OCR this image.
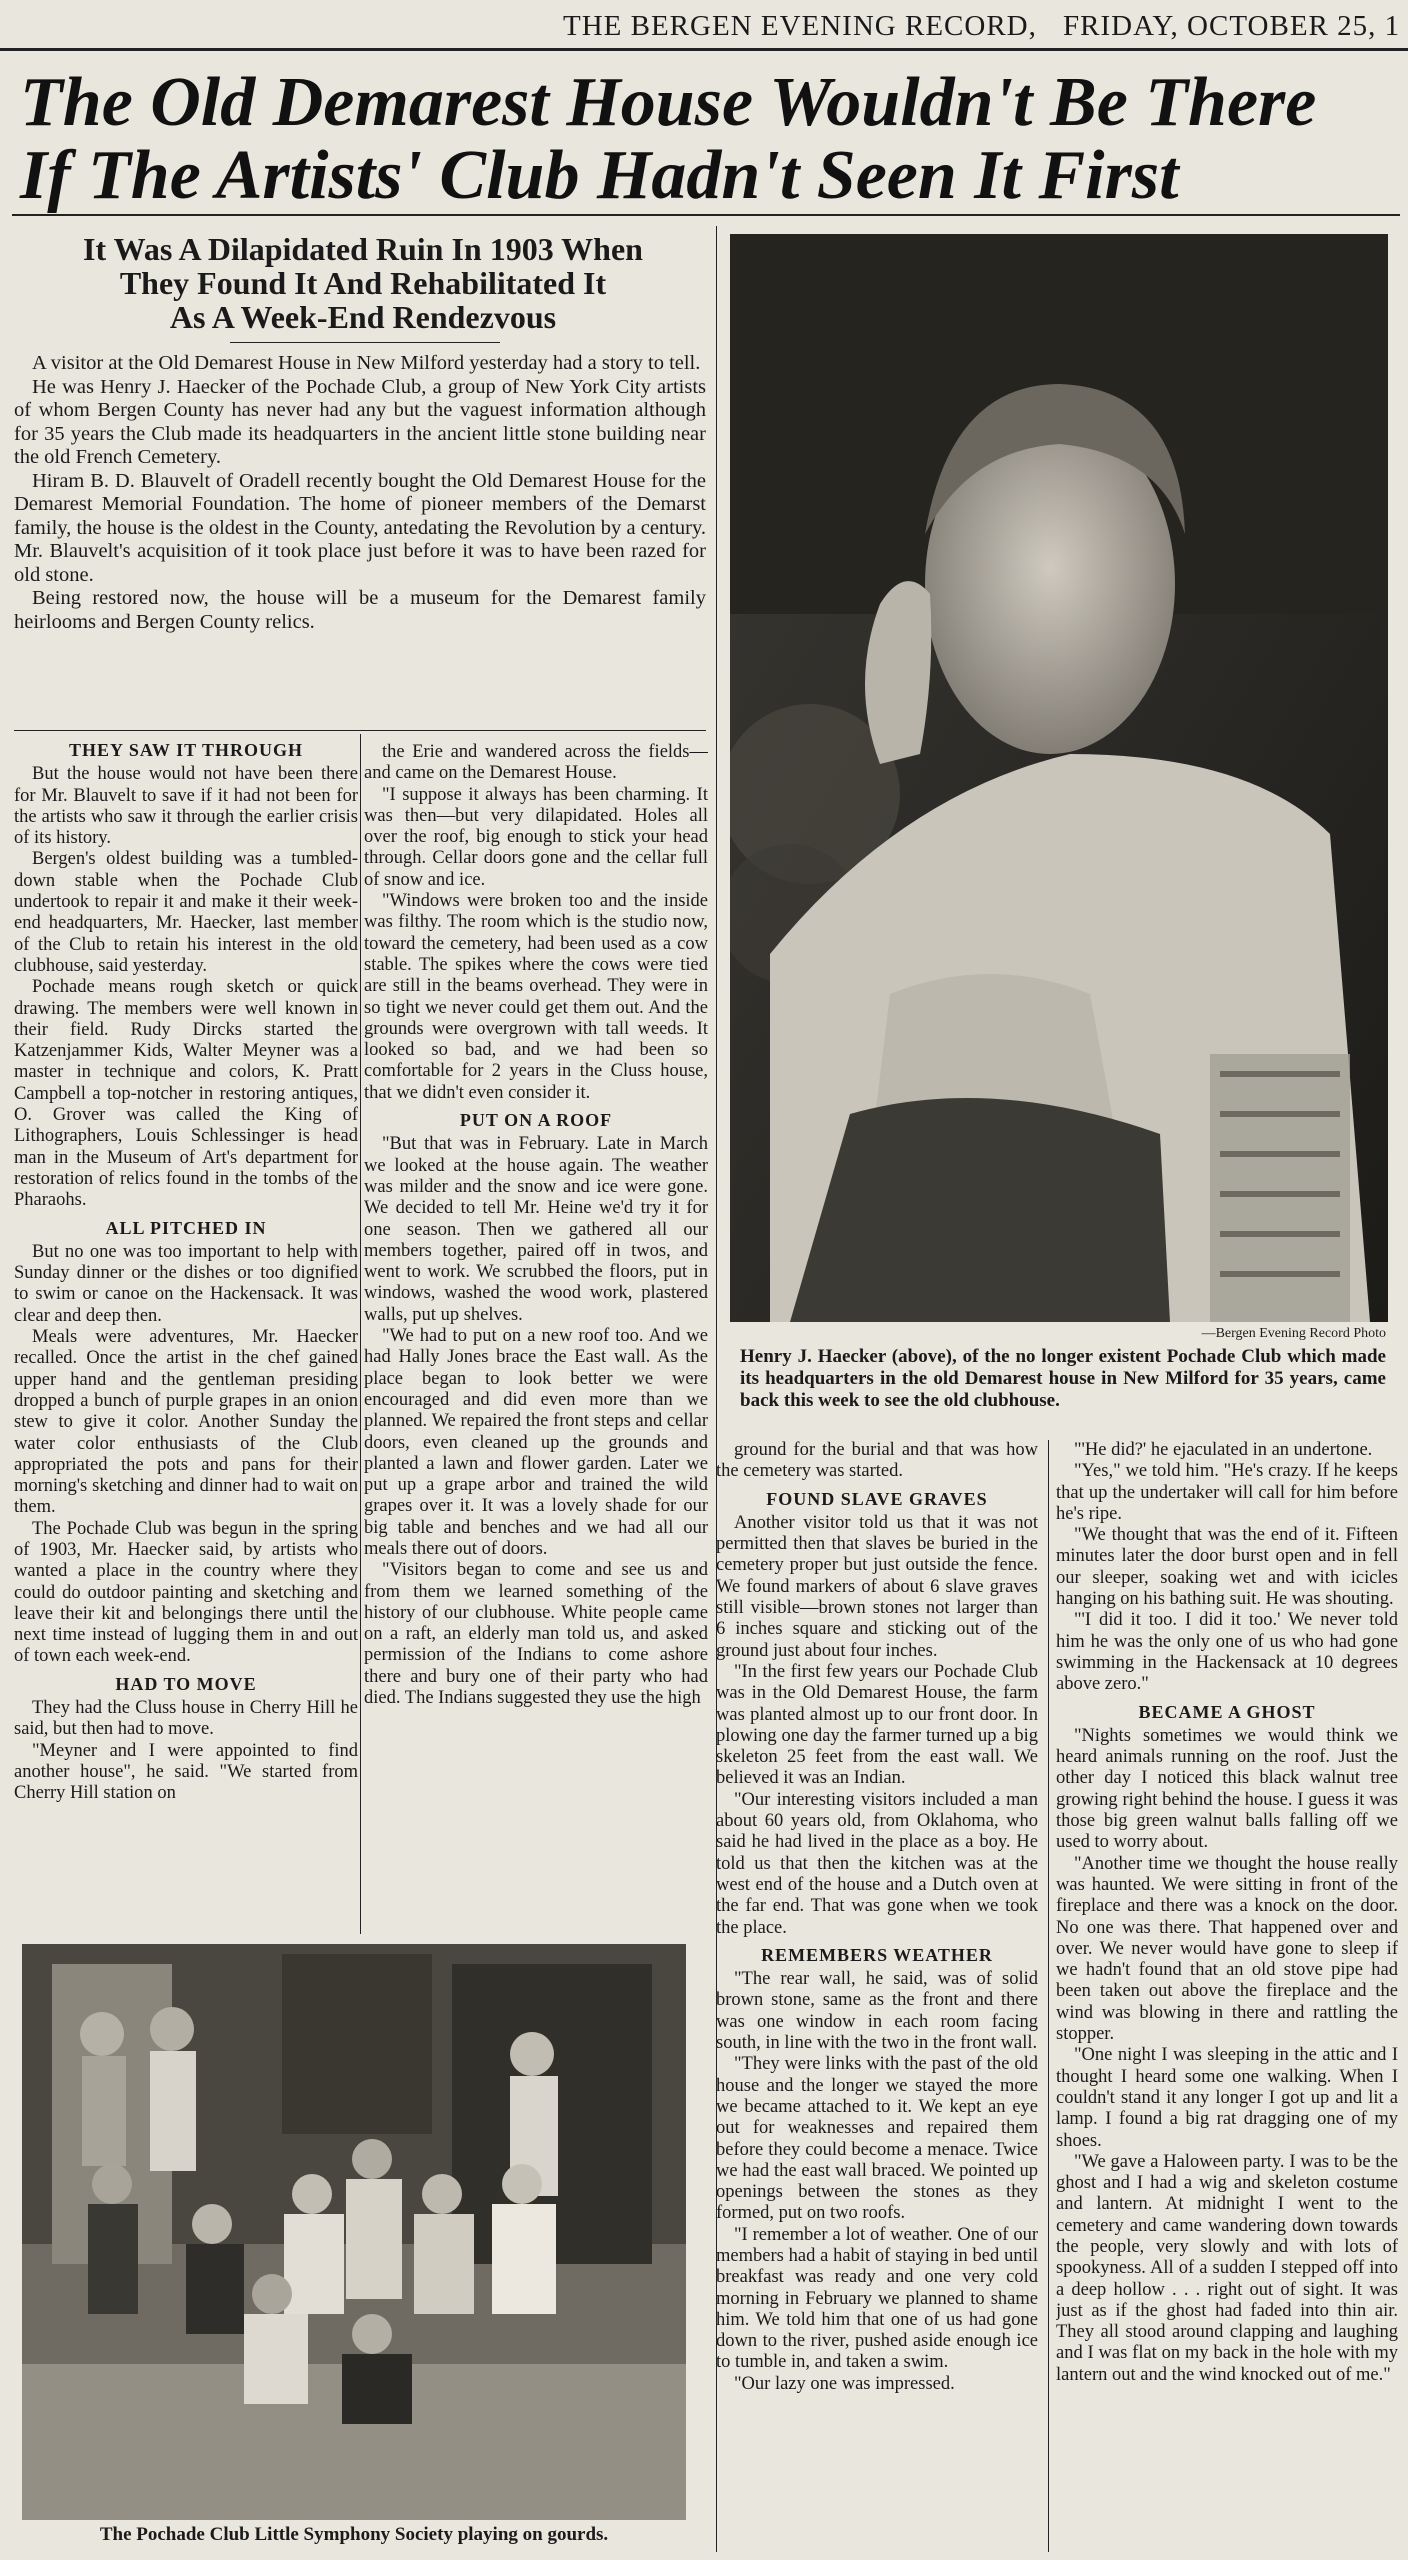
THE BERGEN EVENING RECORD, FRIDAY, OCTOBER 25, 1
The Old Demarest House Wouldn't Be There
If The Artists' Club Hadn't Seen It First
It Was A Dilapidated Ruin In 1903 When
They Found It And Rehabilitated It
As A Week-End Rendezvous

A visitor at the Old Demarest House in New Milford yesterday had a story to tell.

He was Henry J. Haecker of the Pochade Club, a group of New York City artists of whom Bergen County has never had any but the vaguest information although for 35 years the Club made its headquarters in the ancient little stone building near the old French Cemetery.

Hiram B. D. Blauvelt of Oradell recently bought the Old Demarest House for the Demarest Memorial Foundation. The home of pioneer members of the Demarst family, the house is the oldest in the County, antedating the Revolution by a century. Mr. Blauvelt's acquisition of it took place just before it was to have been razed for old stone.

Being restored now, the house will be a museum for the Demarest family heirlooms and Bergen County relics.

THEY SAW IT THROUGH

But the house would not have been there for Mr. Blauvelt to save if it had not been for the artists who saw it through the earlier crisis of its history.

Bergen's oldest building was a tumbled-down stable when the Pochade Club undertook to repair it and make it their week-end headquarters, Mr. Haecker, last member of the Club to retain his interest in the old clubhouse, said yesterday.

Pochade means rough sketch or quick drawing. The members were well known in their field. Rudy Dircks started the Katzenjammer Kids, Walter Meyner was a master in technique and colors, K. Pratt Campbell a top-notcher in restoring antiques, O. Grover was called the King of Lithographers, Louis Schlessinger is head man in the Museum of Art's department for restoration of relics found in the tombs of the Pharaohs.

ALL PITCHED IN

But no one was too important to help with Sunday dinner or the dishes or too dignified to swim or canoe on the Hackensack. It was clear and deep then.

Meals were adventures, Mr. Haecker recalled. Once the artist in the chef gained upper hand and the gentleman presiding dropped a bunch of purple grapes in an onion stew to give it color. Another Sunday the water color enthusiasts of the Club appropriated the pots and pans for their morning's sketching and dinner had to wait on them.

The Pochade Club was begun in the spring of 1903, Mr. Haecker said, by artists who wanted a place in the country where they could do outdoor painting and sketching and leave their kit and belongings there until the next time instead of lugging them in and out of town each week-end.

HAD TO MOVE

They had the Cluss house in Cherry Hill he said, but then had to move.

"Meyner and I were appointed to find another house", he said. "We started from Cherry Hill station on

the Erie and wandered across the fields—and came on the Demarest House.

"I suppose it always has been charming. It was then—but very dilapidated. Holes all over the roof, big enough to stick your head through. Cellar doors gone and the cellar full of snow and ice.

"Windows were broken too and the inside was filthy. The room which is the studio now, toward the cemetery, had been used as a cow stable. The spikes where the cows were tied are still in the beams overhead. They were in so tight we never could get them out. And the grounds were overgrown with tall weeds. It looked so bad, and we had been so comfortable for 2 years in the Cluss house, that we didn't even consider it.

PUT ON A ROOF

"But that was in February. Late in March we looked at the house again. The weather was milder and the snow and ice were gone. We decided to tell Mr. Heine we'd try it for one season. Then we gathered all our members together, paired off in twos, and went to work. We scrubbed the floors, put in windows, washed the wood work, plastered walls, put up shelves.

"We had to put on a new roof too. And we had Hally Jones brace the East wall. As the place began to look better we were encouraged and did even more than we planned. We repaired the front steps and cellar doors, even cleaned up the grounds and planted a lawn and flower garden. Later we put up a grape arbor and trained the wild grapes over it. It was a lovely shade for our big table and benches and we had all our meals there out of doors.

"Visitors began to come and see us and from them we learned something of the history of our clubhouse. White people came on a raft, an elderly man told us, and asked permission of the Indians to come ashore there and bury one of their party who had died. The Indians suggested they use the high

—Bergen Evening Record Photo
Henry J. Haecker (above), of the no longer existent Pochade Club which made its headquarters in the old Demarest house in New Milford for 35 years, came back this week to see the old clubhouse.

ground for the burial and that was how the cemetery was started.

FOUND SLAVE GRAVES

Another visitor told us that it was not permitted then that slaves be buried in the cemetery proper but just outside the fence. We found markers of about 6 slave graves still visible—brown stones not larger than 6 inches square and sticking out of the ground just about four inches.

"In the first few years our Pochade Club was in the Old Demarest House, the farm was planted almost up to our front door. In plowing one day the farmer turned up a big skeleton 25 feet from the east wall. We believed it was an Indian.

"Our interesting visitors included a man about 60 years old, from Oklahoma, who said he had lived in the place as a boy. He told us that then the kitchen was at the west end of the house and a Dutch oven at the far end. That was gone when we took the place.

REMEMBERS WEATHER

"The rear wall, he said, was of solid brown stone, same as the front and there was one window in each room facing south, in line with the two in the front wall.

"They were links with the past of the old house and the longer we stayed the more we became attached to it. We kept an eye out for weaknesses and repaired them before they could become a menace. Twice we had the east wall braced. We pointed up openings between the stones as they formed, put on two roofs.

"I remember a lot of weather. One of our members had a habit of staying in bed until breakfast was ready and one very cold morning in February we planned to shame him. We told him that one of us had gone down to the river, pushed aside enough ice to tumble in, and taken a swim.

"Our lazy one was impressed.

"'He did?' he ejaculated in an undertone.

"Yes," we told him. "He's crazy. If he keeps that up the undertaker will call for him before he's ripe.

"We thought that was the end of it. Fifteen minutes later the door burst open and in fell our sleeper, soaking wet and with icicles hanging on his bathing suit. He was shouting.

"'I did it too. I did it too.' We never told him he was the only one of us who had gone swimming in the Hackensack at 10 degrees above zero."

BECAME A GHOST

"Nights sometimes we would think we heard animals running on the roof. Just the other day I noticed this black walnut tree growing right behind the house. I guess it was those big green walnut balls falling off we used to worry about.

"Another time we thought the house really was haunted. We were sitting in front of the fireplace and there was a knock on the door. No one was there. That happened over and over. We never would have gone to sleep if we hadn't found that an old stove pipe had been taken out above the fireplace and the wind was blowing in there and rattling the stopper.

"One night I was sleeping in the attic and I thought I heard some one walking. When I couldn't stand it any longer I got up and lit a lamp. I found a big rat dragging one of my shoes.

"We gave a Haloween party. I was to be the ghost and I had a wig and skeleton costume and lantern. At midnight I went to the cemetery and came wandering down towards the people, very slowly and with lots of spookyness. All of a sudden I stepped off into a deep hollow . . . right out of sight. It was just as if the ghost had faded into thin air. They all stood around clapping and laughing and I was flat on my back in the hole with my lantern out and the wind knocked out of me."

The Pochade Club Little Symphony Society playing on gourds.
